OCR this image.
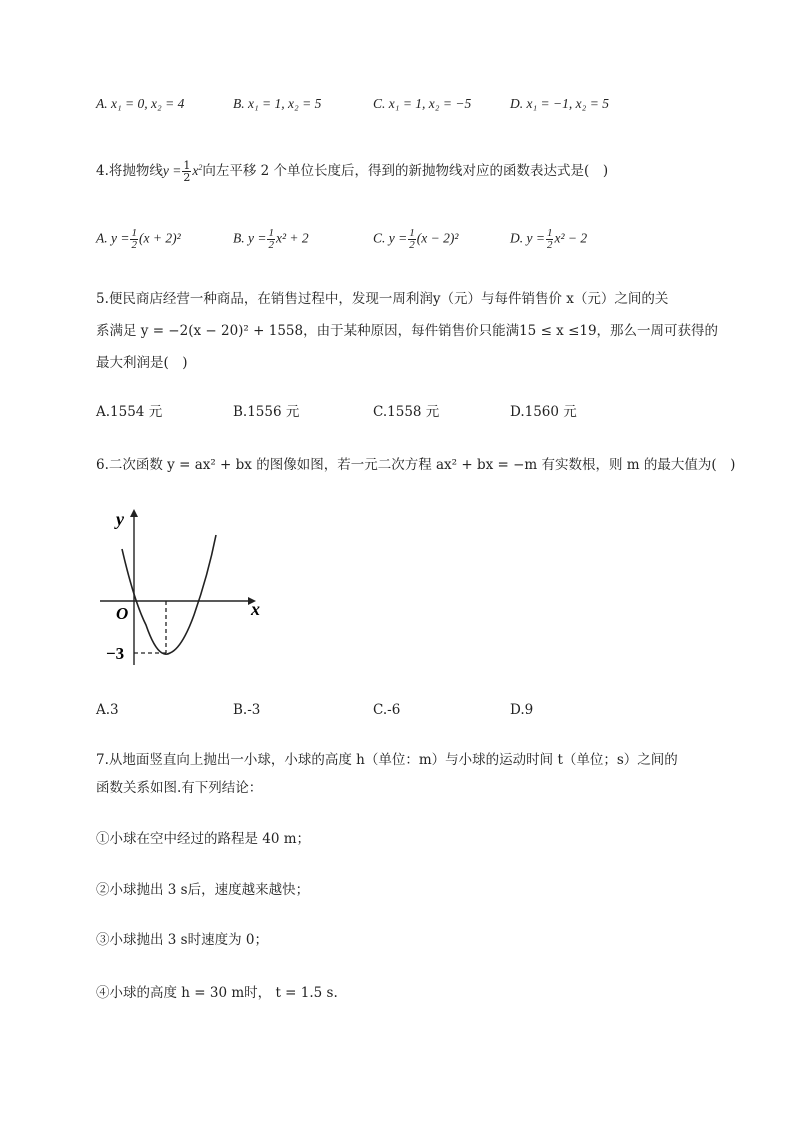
A. x₁ = 0, x₂ = 4	B. x₁ = 1, x₂ = 5	C. x₁ = 1, x₂ = −5	D. x₁ = −1, x₂ = 5
4.将抛物线$y = \frac{1}{2} x^2$向左平移 2 个单位长度后，得到的新抛物线对应的函数表达式是(　)
A. $y = \frac{1}{2} (x + 2)^2$	B. $y = \frac{1}{2} x^2 + 2$	C. $y = \frac{1}{2} (x - 2)^2$	D. $y = \frac{1}{2} x^2 - 2$
5.便民商店经营一种商品，在销售过程中，发现一周利润y（元）与每件销售价 x（元）之间的关
系满足 y = −2(x − 20)² + 1558，由于某种原因，每件销售价只能满15 ≤ x ≤19，那么一周可获得的
最大利润是(　)
A.1554 元	B.1556 元	C.1558 元	D.1560 元
6.二次函数 y = ax² + bx 的图像如图，若一元二次方程 ax² + bx = −m 有实数根，则 m 的最大值为(　)
y
x
O
−3
A.3	B.-3	C.-6	D.9
7.从地面竖直向上抛出一小球，小球的高度 h（单位：m）与小球的运动时间 t（单位；s）之间的
函数关系如图.有下列结论：
①小球在空中经过的路程是 40 m；
②小球抛出 3 s后，速度越来越快；
③小球抛出 3 s时速度为 0；
④小球的高度 h = 30 m时， t = 1.5 s.
